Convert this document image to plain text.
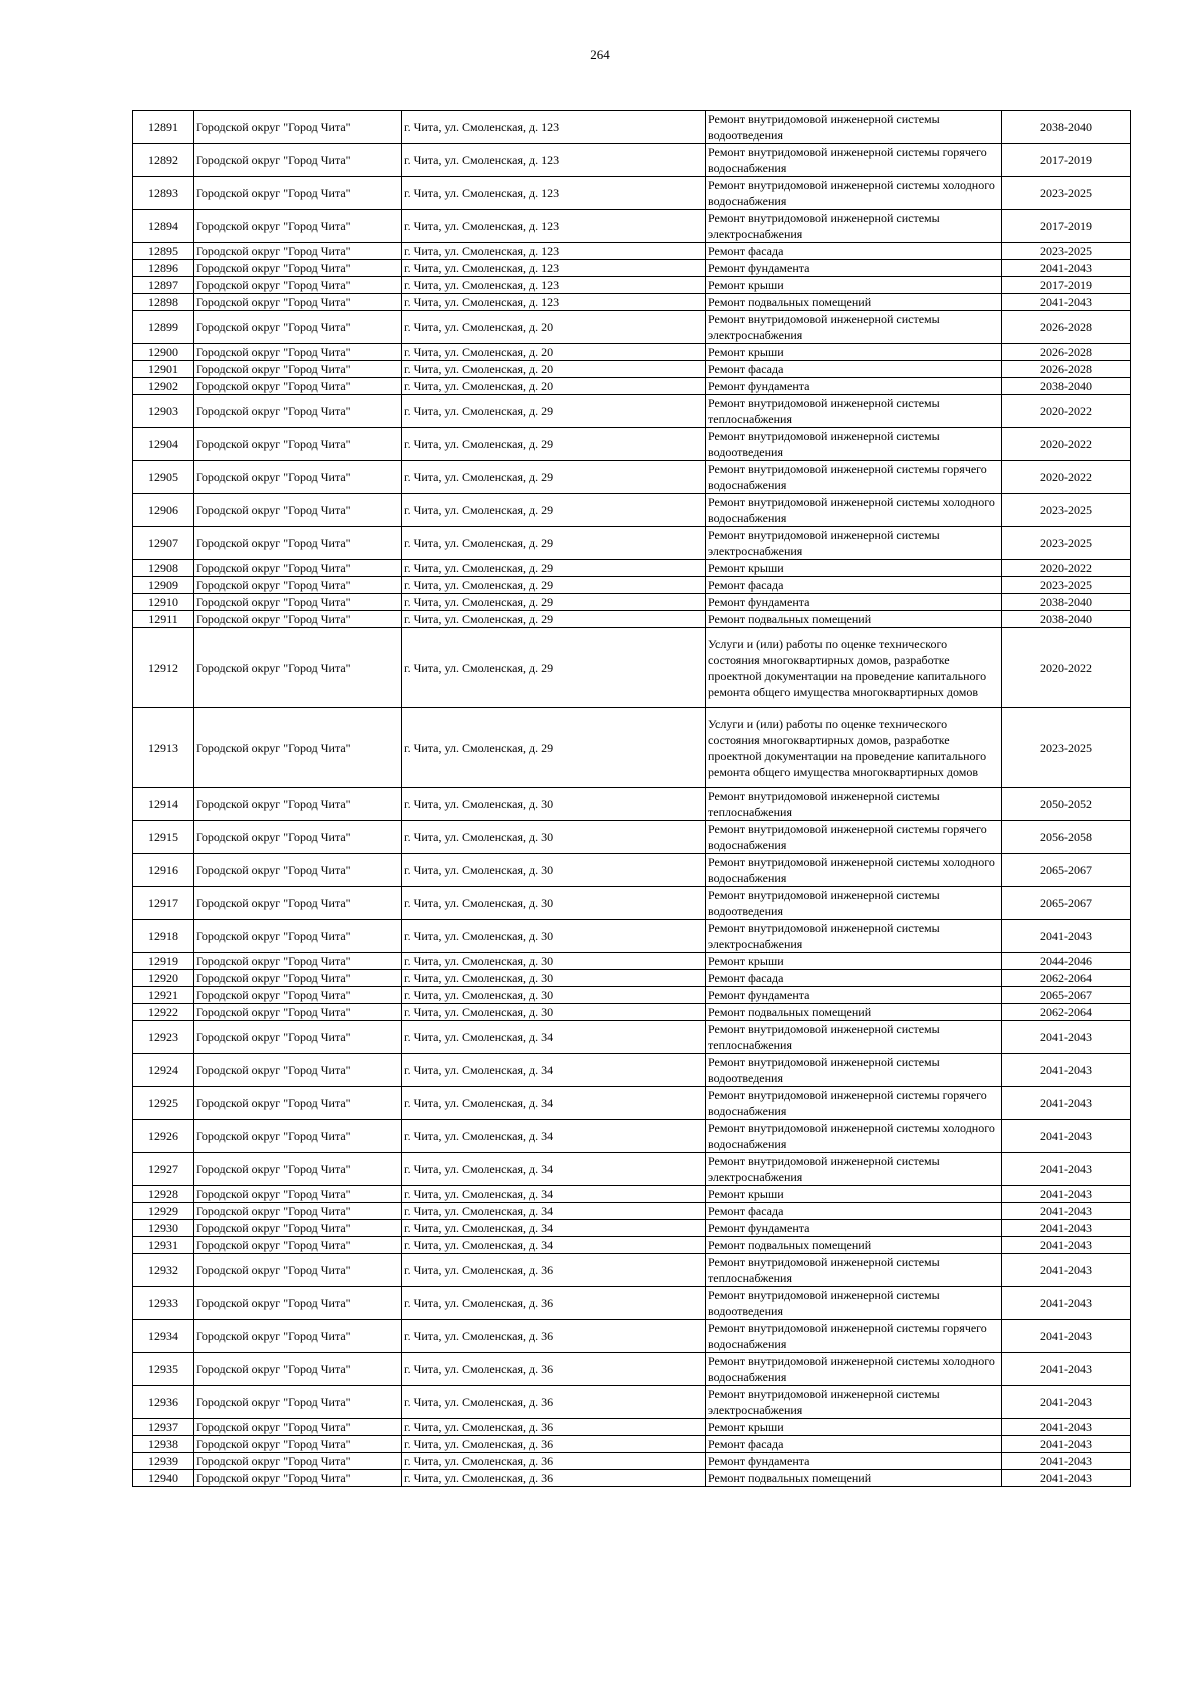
264
12891	Городской округ "Город Чита"	г. Чита, ул. Смоленская, д. 123	Ремонт внутридомовой инженерной системы водоотведения	2038-2040
12892	Городской округ "Город Чита"	г. Чита, ул. Смоленская, д. 123	Ремонт внутридомовой инженерной системы горячего водоснабжения	2017-2019
12893	Городской округ "Город Чита"	г. Чита, ул. Смоленская, д. 123	Ремонт внутридомовой инженерной системы холодного водоснабжения	2023-2025
12894	Городской округ "Город Чита"	г. Чита, ул. Смоленская, д. 123	Ремонт внутридомовой инженерной системы электроснабжения	2017-2019
12895	Городской округ "Город Чита"	г. Чита, ул. Смоленская, д. 123	Ремонт фасада	2023-2025
12896	Городской округ "Город Чита"	г. Чита, ул. Смоленская, д. 123	Ремонт фундамента	2041-2043
12897	Городской округ "Город Чита"	г. Чита, ул. Смоленская, д. 123	Ремонт крыши	2017-2019
12898	Городской округ "Город Чита"	г. Чита, ул. Смоленская, д. 123	Ремонт подвальных помещений	2041-2043
12899	Городской округ "Город Чита"	г. Чита, ул. Смоленская, д. 20	Ремонт внутридомовой инженерной системы электроснабжения	2026-2028
12900	Городской округ "Город Чита"	г. Чита, ул. Смоленская, д. 20	Ремонт крыши	2026-2028
12901	Городской округ "Город Чита"	г. Чита, ул. Смоленская, д. 20	Ремонт фасада	2026-2028
12902	Городской округ "Город Чита"	г. Чита, ул. Смоленская, д. 20	Ремонт фундамента	2038-2040
12903	Городской округ "Город Чита"	г. Чита, ул. Смоленская, д. 29	Ремонт внутридомовой инженерной системы теплоснабжения	2020-2022
12904	Городской округ "Город Чита"	г. Чита, ул. Смоленская, д. 29	Ремонт внутридомовой инженерной системы водоотведения	2020-2022
12905	Городской округ "Город Чита"	г. Чита, ул. Смоленская, д. 29	Ремонт внутридомовой инженерной системы горячего водоснабжения	2020-2022
12906	Городской округ "Город Чита"	г. Чита, ул. Смоленская, д. 29	Ремонт внутридомовой инженерной системы холодного водоснабжения	2023-2025
12907	Городской округ "Город Чита"	г. Чита, ул. Смоленская, д. 29	Ремонт внутридомовой инженерной системы электроснабжения	2023-2025
12908	Городской округ "Город Чита"	г. Чита, ул. Смоленская, д. 29	Ремонт крыши	2020-2022
12909	Городской округ "Город Чита"	г. Чита, ул. Смоленская, д. 29	Ремонт фасада	2023-2025
12910	Городской округ "Город Чита"	г. Чита, ул. Смоленская, д. 29	Ремонт фундамента	2038-2040
12911	Городской округ "Город Чита"	г. Чита, ул. Смоленская, д. 29	Ремонт подвальных помещений	2038-2040
12912	Городской округ "Город Чита"	г. Чита, ул. Смоленская, д. 29	Услуги и (или) работы по оценке технического состояния многоквартирных домов, разработке проектной документации на проведение капитального ремонта общего имущества многоквартирных домов	2020-2022
12913	Городской округ "Город Чита"	г. Чита, ул. Смоленская, д. 29	Услуги и (или) работы по оценке технического состояния многоквартирных домов, разработке проектной документации на проведение капитального ремонта общего имущества многоквартирных домов	2023-2025
12914	Городской округ "Город Чита"	г. Чита, ул. Смоленская, д. 30	Ремонт внутридомовой инженерной системы теплоснабжения	2050-2052
12915	Городской округ "Город Чита"	г. Чита, ул. Смоленская, д. 30	Ремонт внутридомовой инженерной системы горячего водоснабжения	2056-2058
12916	Городской округ "Город Чита"	г. Чита, ул. Смоленская, д. 30	Ремонт внутридомовой инженерной системы холодного водоснабжения	2065-2067
12917	Городской округ "Город Чита"	г. Чита, ул. Смоленская, д. 30	Ремонт внутридомовой инженерной системы водоотведения	2065-2067
12918	Городской округ "Город Чита"	г. Чита, ул. Смоленская, д. 30	Ремонт внутридомовой инженерной системы электроснабжения	2041-2043
12919	Городской округ "Город Чита"	г. Чита, ул. Смоленская, д. 30	Ремонт крыши	2044-2046
12920	Городской округ "Город Чита"	г. Чита, ул. Смоленская, д. 30	Ремонт фасада	2062-2064
12921	Городской округ "Город Чита"	г. Чита, ул. Смоленская, д. 30	Ремонт фундамента	2065-2067
12922	Городской округ "Город Чита"	г. Чита, ул. Смоленская, д. 30	Ремонт подвальных помещений	2062-2064
12923	Городской округ "Город Чита"	г. Чита, ул. Смоленская, д. 34	Ремонт внутридомовой инженерной системы теплоснабжения	2041-2043
12924	Городской округ "Город Чита"	г. Чита, ул. Смоленская, д. 34	Ремонт внутридомовой инженерной системы водоотведения	2041-2043
12925	Городской округ "Город Чита"	г. Чита, ул. Смоленская, д. 34	Ремонт внутридомовой инженерной системы горячего водоснабжения	2041-2043
12926	Городской округ "Город Чита"	г. Чита, ул. Смоленская, д. 34	Ремонт внутридомовой инженерной системы холодного водоснабжения	2041-2043
12927	Городской округ "Город Чита"	г. Чита, ул. Смоленская, д. 34	Ремонт внутридомовой инженерной системы электроснабжения	2041-2043
12928	Городской округ "Город Чита"	г. Чита, ул. Смоленская, д. 34	Ремонт крыши	2041-2043
12929	Городской округ "Город Чита"	г. Чита, ул. Смоленская, д. 34	Ремонт фасада	2041-2043
12930	Городской округ "Город Чита"	г. Чита, ул. Смоленская, д. 34	Ремонт фундамента	2041-2043
12931	Городской округ "Город Чита"	г. Чита, ул. Смоленская, д. 34	Ремонт подвальных помещений	2041-2043
12932	Городской округ "Город Чита"	г. Чита, ул. Смоленская, д. 36	Ремонт внутридомовой инженерной системы теплоснабжения	2041-2043
12933	Городской округ "Город Чита"	г. Чита, ул. Смоленская, д. 36	Ремонт внутридомовой инженерной системы водоотведения	2041-2043
12934	Городской округ "Город Чита"	г. Чита, ул. Смоленская, д. 36	Ремонт внутридомовой инженерной системы горячего водоснабжения	2041-2043
12935	Городской округ "Город Чита"	г. Чита, ул. Смоленская, д. 36	Ремонт внутридомовой инженерной системы холодного водоснабжения	2041-2043
12936	Городской округ "Город Чита"	г. Чита, ул. Смоленская, д. 36	Ремонт внутридомовой инженерной системы электроснабжения	2041-2043
12937	Городской округ "Город Чита"	г. Чита, ул. Смоленская, д. 36	Ремонт крыши	2041-2043
12938	Городской округ "Город Чита"	г. Чита, ул. Смоленская, д. 36	Ремонт фасада	2041-2043
12939	Городской округ "Город Чита"	г. Чита, ул. Смоленская, д. 36	Ремонт фундамента	2041-2043
12940	Городской округ "Город Чита"	г. Чита, ул. Смоленская, д. 36	Ремонт подвальных помещений	2041-2043
